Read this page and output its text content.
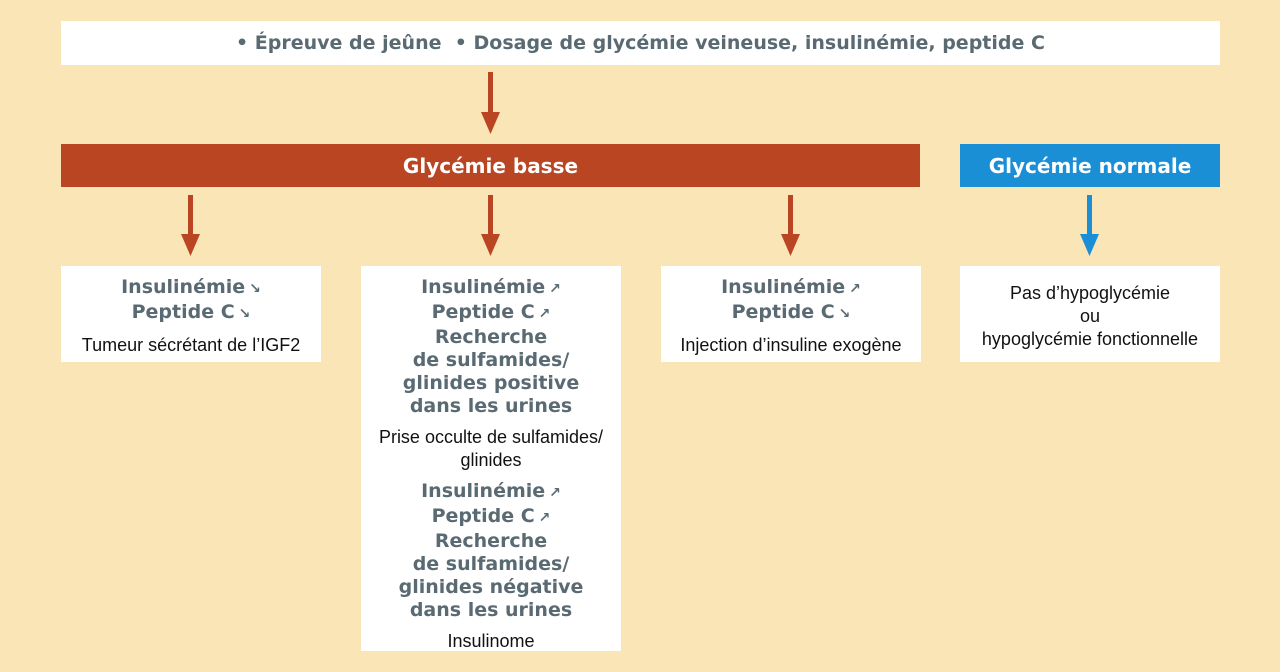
• Épreuve de jeûne • Dosage de glycémie veineuse, insulinémie, peptide C
Glycémie basse	Glycémie normale
Insulinémie ↘
Peptide C ↘
Tumeur sécrétant de l’IGF2
Insulinémie ↗
Peptide C ↗
Recherche
de sulfamides/
glinides positive
dans les urines
Prise occulte de sulfamides/
glinides
Insulinémie ↗
Peptide C ↗
Recherche
de sulfamides/
glinides négative
dans les urines
Insulinome
Insulinémie ↗
Peptide C ↘
Injection d’insuline exogène
Pas d’hypoglycémie
ou
hypoglycémie fonctionnelle
